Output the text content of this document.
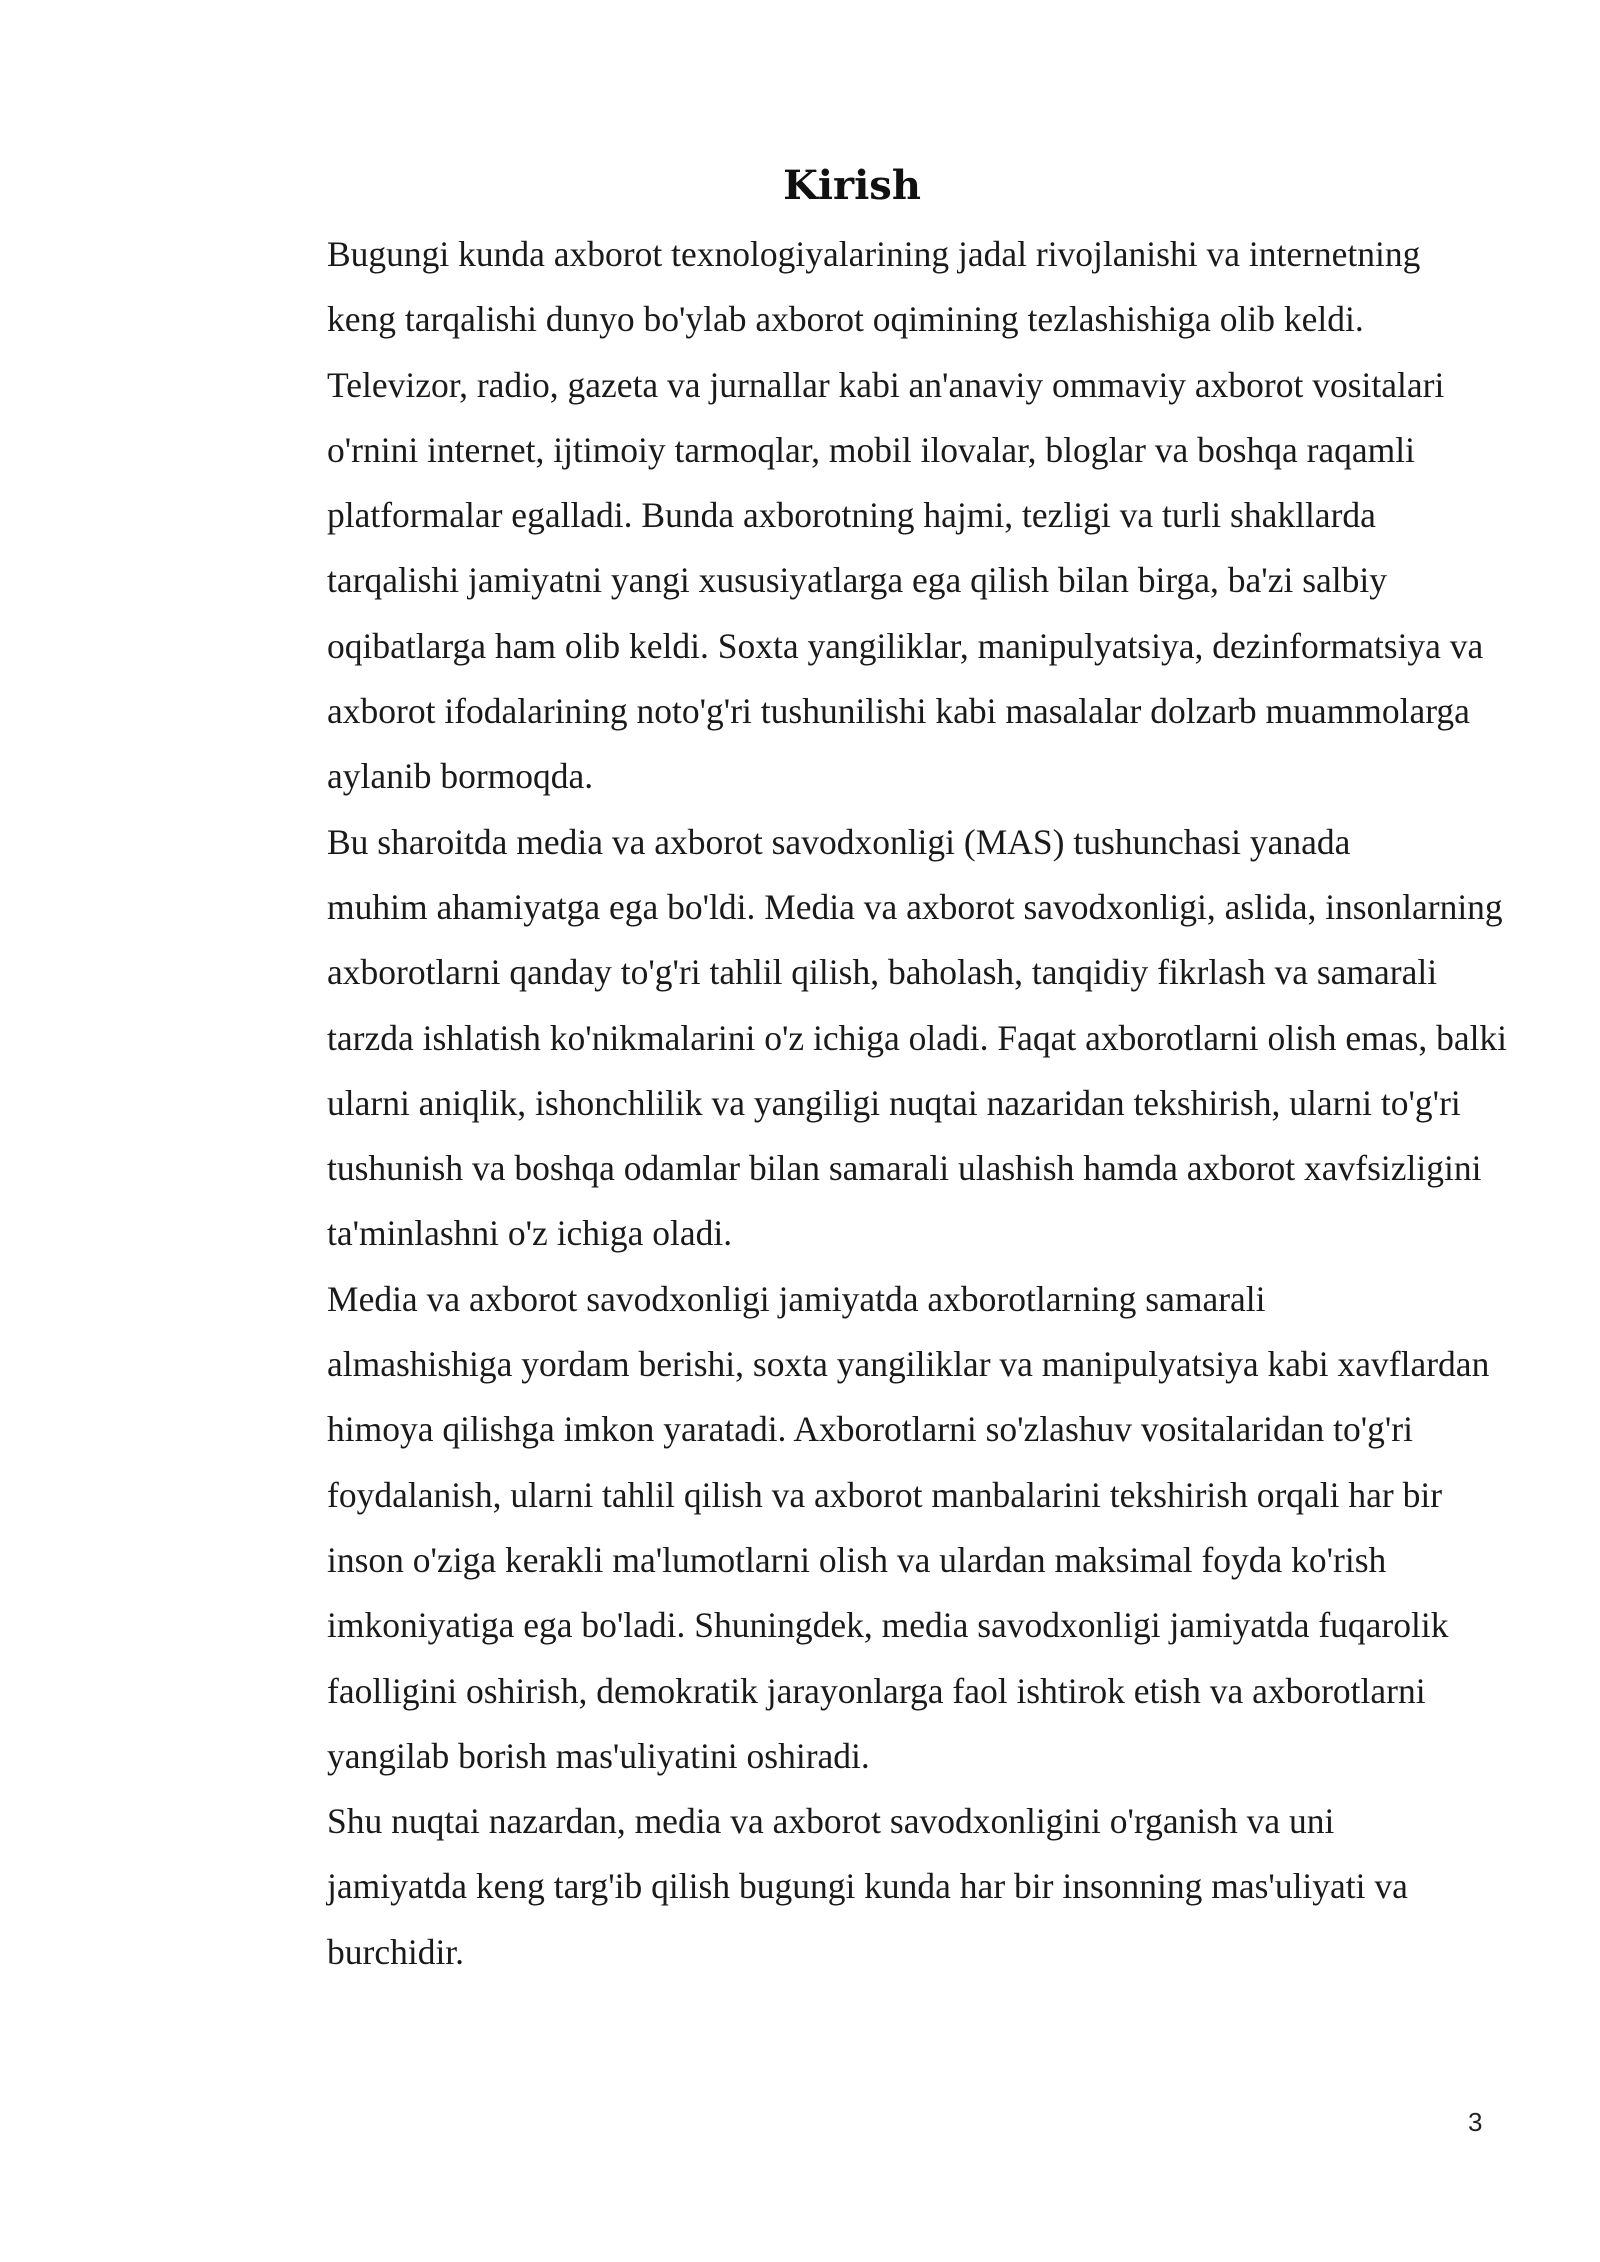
Kirish

Bugungi kunda axborot texnologiyalarining jadal rivojlanishi va internetning
keng tarqalishi dunyo bo'ylab axborot oqimining tezlashishiga olib keldi.
Televizor, radio, gazeta va jurnallar kabi an'anaviy ommaviy axborot vositalari
o'rnini internet, ijtimoiy tarmoqlar, mobil ilovalar, bloglar va boshqa raqamli
platformalar egalladi. Bunda axborotning hajmi, tezligi va turli shakllarda
tarqalishi jamiyatni yangi xususiyatlarga ega qilish bilan birga, ba'zi salbiy
oqibatlarga ham olib keldi. Soxta yangiliklar, manipulyatsiya, dezinformatsiya va
axborot ifodalarining noto'g'ri tushunilishi kabi masalalar dolzarb muammolarga
aylanib bormoqda.

Bu sharoitda media va axborot savodxonligi (MAS) tushunchasi yanada
muhim ahamiyatga ega bo'ldi. Media va axborot savodxonligi, aslida, insonlarning
axborotlarni qanday to'g'ri tahlil qilish, baholash, tanqidiy fikrlash va samarali
tarzda ishlatish ko'nikmalarini o'z ichiga oladi. Faqat axborotlarni olish emas, balki
ularni aniqlik, ishonchlilik va yangiligi nuqtai nazaridan tekshirish, ularni to'g'ri
tushunish va boshqa odamlar bilan samarali ulashish hamda axborot xavfsizligini
ta'minlashni o'z ichiga oladi.

Media va axborot savodxonligi jamiyatda axborotlarning samarali
almashishiga yordam berishi, soxta yangiliklar va manipulyatsiya kabi xavflardan
himoya qilishga imkon yaratadi. Axborotlarni so'zlashuv vositalaridan to'g'ri
foydalanish, ularni tahlil qilish va axborot manbalarini tekshirish orqali har bir
inson o'ziga kerakli ma'lumotlarni olish va ulardan maksimal foyda ko'rish
imkoniyatiga ega bo'ladi. Shuningdek, media savodxonligi jamiyatda fuqarolik
faolligini oshirish, demokratik jarayonlarga faol ishtirok etish va axborotlarni
yangilab borish mas'uliyatini oshiradi.

Shu nuqtai nazardan, media va axborot savodxonligini o'rganish va uni
jamiyatda keng targ'ib qilish bugungi kunda har bir insonning mas'uliyati va
burchidir.

3
